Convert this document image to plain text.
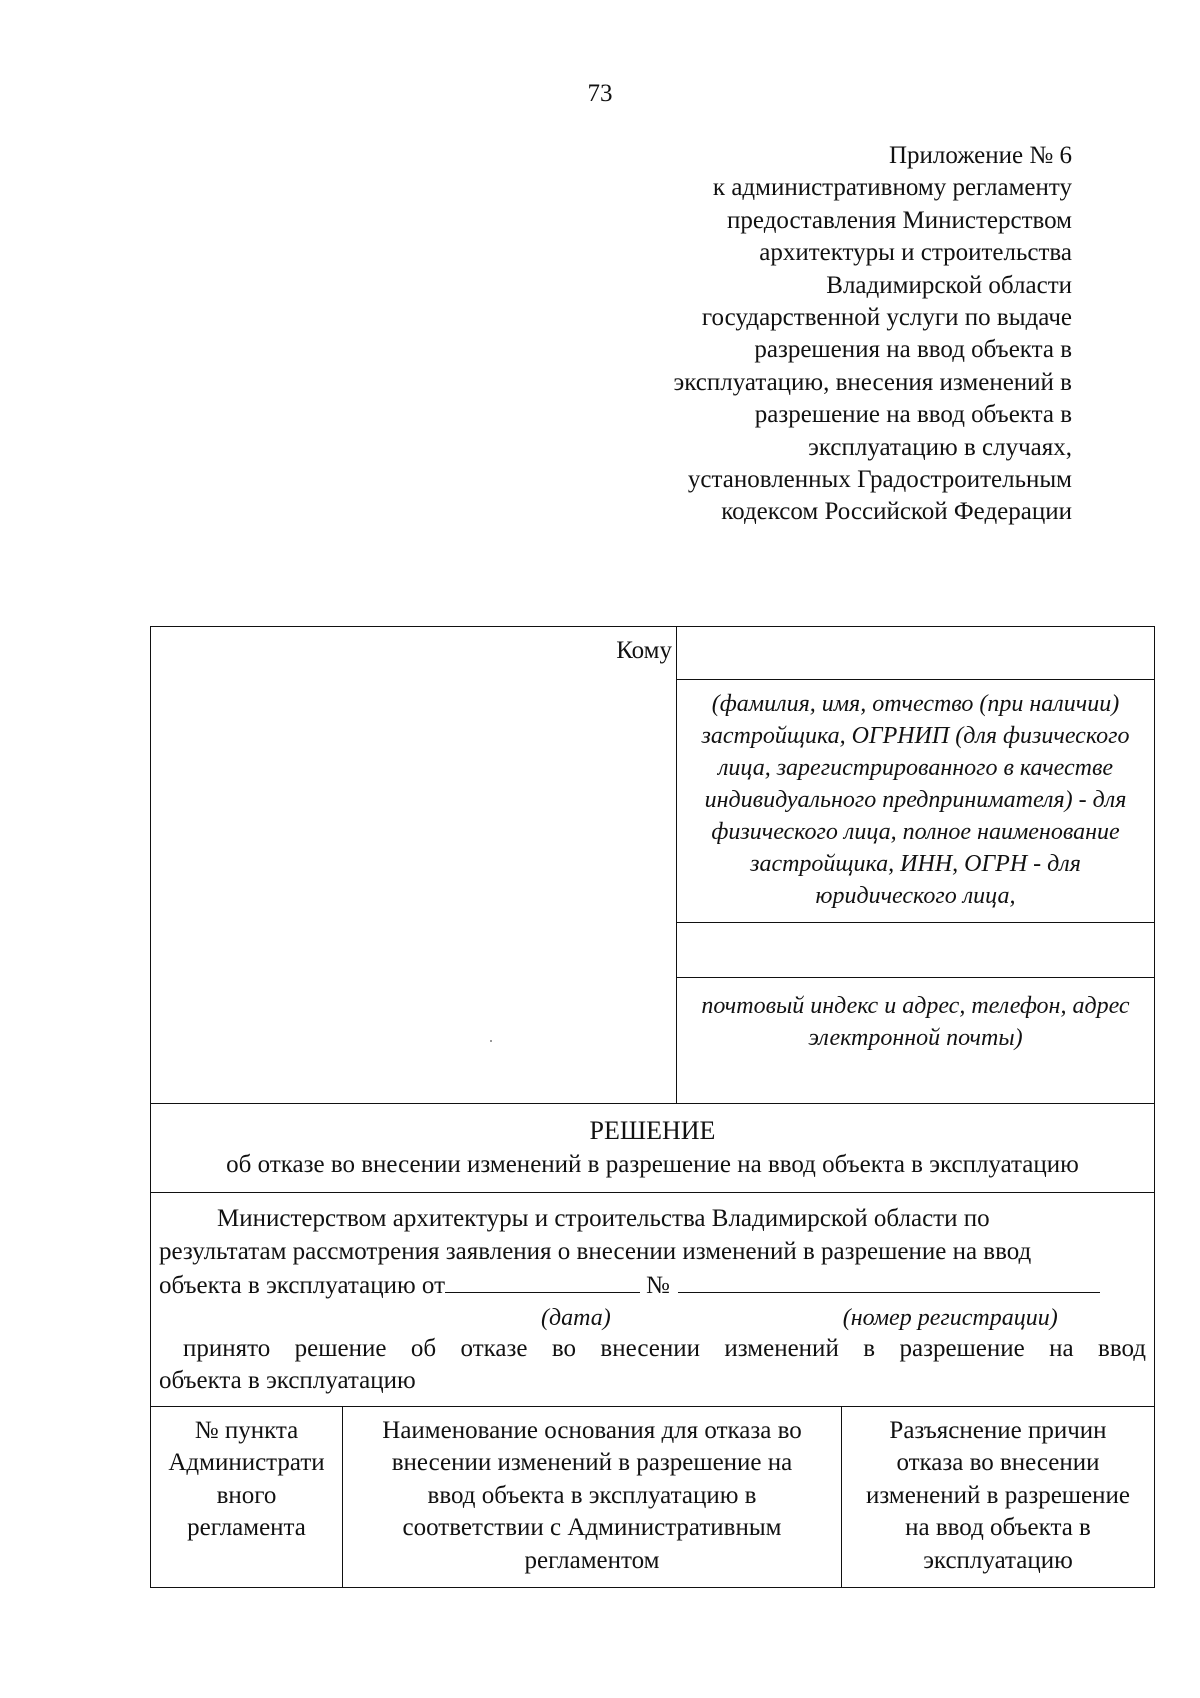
73
Приложение № 6
к административному регламенту
предоставления Министерством
архитектуры и строительства
Владимирской области
государственной услуги по выдаче
разрешения на ввод объекта в
эксплуатацию, внесения изменений в
разрешение на ввод объекта в
эксплуатацию в случаях,
установленных Градостроительным
кодексом Российской Федерации
Кому
(фамилия, имя, отчество (при наличии) застройщика, ОГРНИП (для физического лица, зарегистрированного в качестве индивидуального предпринимателя) - для физического лица, полное наименование застройщика, ИНН, ОГРН - для юридического лица,
почтовый индекс и адрес, телефон, адрес электронной почты)
РЕШЕНИЕ
об отказе во внесении изменений в разрешение на ввод объекта в эксплуатацию

Министерством архитектуры и строительства Владимирской области по

результатам рассмотрения заявления о внесении изменений в разрешение на ввод

объекта в эксплуатацию от	№
(дата)	(номер регистрации)

принято решение об отказе во внесении изменений в разрешение на ввод

объекта в эксплуатацию

№ пункта
Администрати
вного
регламента
Наименование основания для отказа во
внесении изменений в разрешение на
ввод объекта в эксплуатацию в
соответствии с Административным
регламентом
Разъяснение причин
отказа во внесении
изменений в разрешение
на ввод объекта в
эксплуатацию
